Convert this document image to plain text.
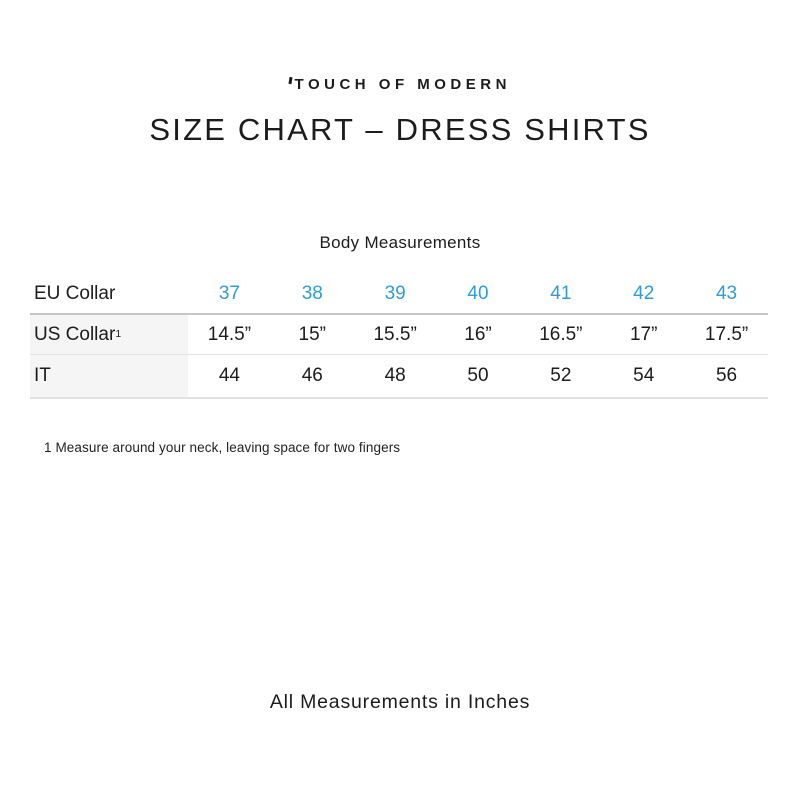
TOUCH OF MODERN
SIZE CHART – DRESS SHIRTS
Body Measurements
EU Collar	37	38	39	40	41	42	43
US Collar 1	14.5”	15”	15.5”	16”	16.5”	17”	17.5”
IT	44	46	48	50	52	54	56
1 Measure around your neck, leaving space for two fingers
All Measurements in Inches
